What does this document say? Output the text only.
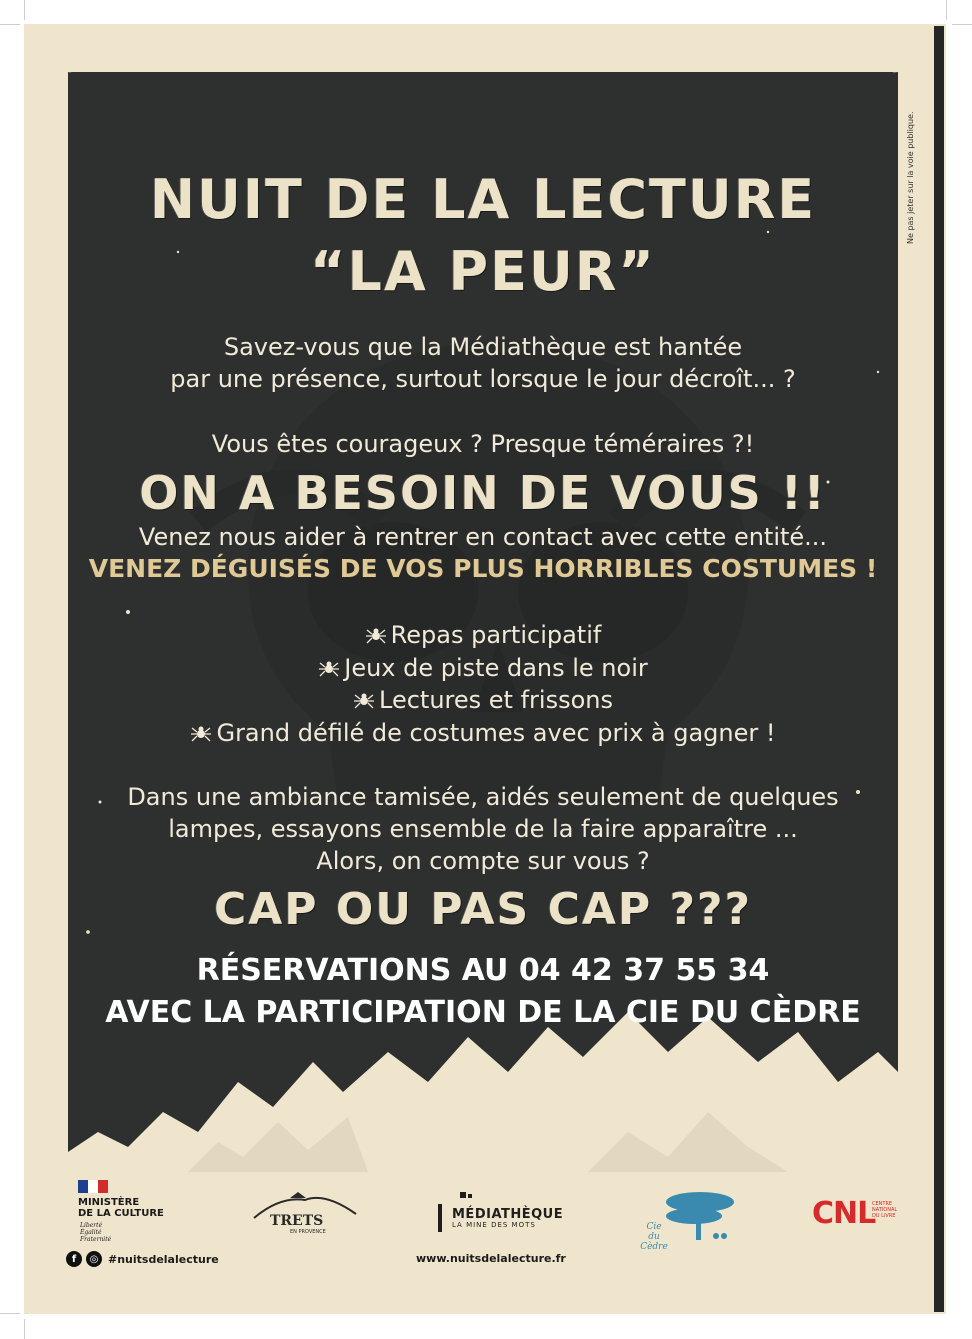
Ne pas jeter sur la voie publique.
NUIT DE LA LECTURE
“LA PEUR”
Savez-vous que la Médiathèque est hantée
par une présence, surtout lorsque le jour décroît... ?
Vous êtes courageux ? Presque téméraires ?!
ON A BESOIN DE VOUS !!
Venez nous aider à rentrer en contact avec cette entité...
VENEZ DÉGUISÉS DE VOS PLUS HORRIBLES COSTUMES !
Repas participatif
Jeux de piste dans le noir
Lectures et frissons
Grand défilé de costumes avec prix à gagner !
Dans une ambiance tamisée, aidés seulement de quelques
lampes, essayons ensemble de la faire apparaître ...
Alors, on compte sur vous ?
CAP OU PAS CAP ???
RÉSERVATIONS AU 04 42 37 55 34
AVEC LA PARTICIPATION DE LA CIE DU CÈDRE
MINISTÈRE
DE LA CULTURE
Liberté
Égalité
Fraternité
TRETS
EN PROVENCE
MÉDIATHÈQUE
LA MINE DES MOTS	Cie
du Cèdre
CNL
CENTRE
NATIONAL
DU LIVRE
f	◎ #nuitsdelalecture	www.nuitsdelalecture.fr
